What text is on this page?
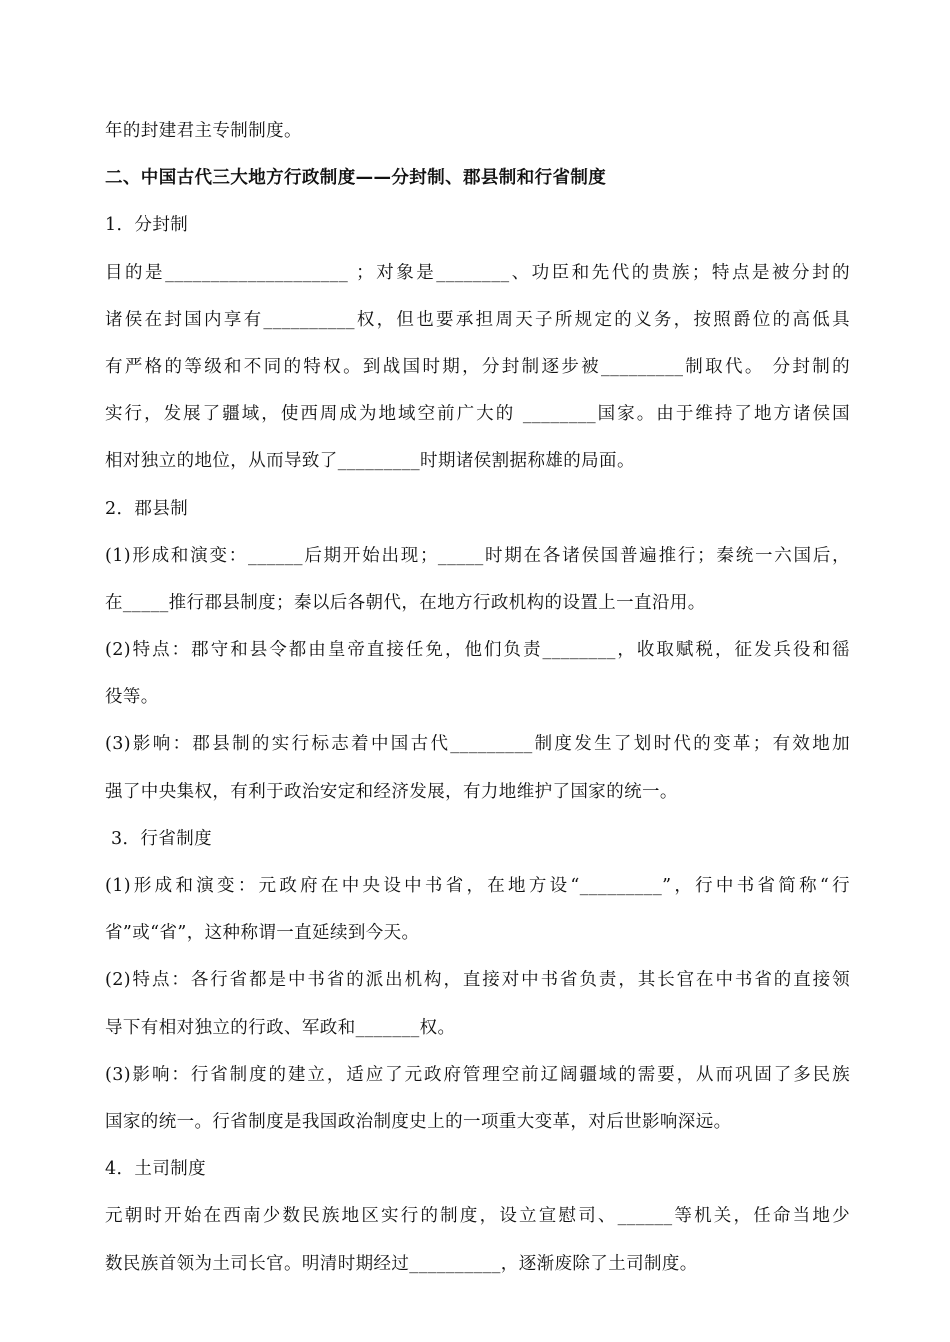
年的封建君主专制制度。
二、中国古代三大地方行政制度——分封制、郡县制和行省制度
1．分封制
目的是____________________ ；对象是________、功臣和先代的贵族；特点是被分封的
诸侯在封国内享有__________权，但也要承担周天子所规定的义务，按照爵位的高低具
有严格的等级和不同的特权。到战国时期，分封制逐步被_________制取代。 分封制的
实行，发展了疆域，使西周成为地域空前广大的 ________国家。由于维持了地方诸侯国
相对独立的地位，从而导致了_________时期诸侯割据称雄的局面。
2．郡县制
(1)形成和演变：______后期开始出现；_____时期在各诸侯国普遍推行；秦统一六国后，
在_____推行郡县制度；秦以后各朝代，在地方行政机构的设置上一直沿用。
(2)特点：郡守和县令都由皇帝直接任免，他们负责________，收取赋税，征发兵役和徭
役等。
(3)影响：郡县制的实行标志着中国古代_________制度发生了划时代的变革；有效地加
强了中央集权，有利于政治安定和经济发展，有力地维护了国家的统一。
3．行省制度
(1)形成和演变：元政府在中央设中书省，在地方设“_________”，行中书省简称“行
省”或“省”，这种称谓一直延续到今天。
(2)特点：各行省都是中书省的派出机构，直接对中书省负责，其长官在中书省的直接领
导下有相对独立的行政、军政和_______权。
(3)影响：行省制度的建立，适应了元政府管理空前辽阔疆域的需要，从而巩固了多民族
国家的统一。行省制度是我国政治制度史上的一项重大变革，对后世影响深远。
4．土司制度
元朝时开始在西南少数民族地区实行的制度，设立宣慰司、______等机关，任命当地少
数民族首领为土司长官。明清时期经过__________，逐渐废除了土司制度。
